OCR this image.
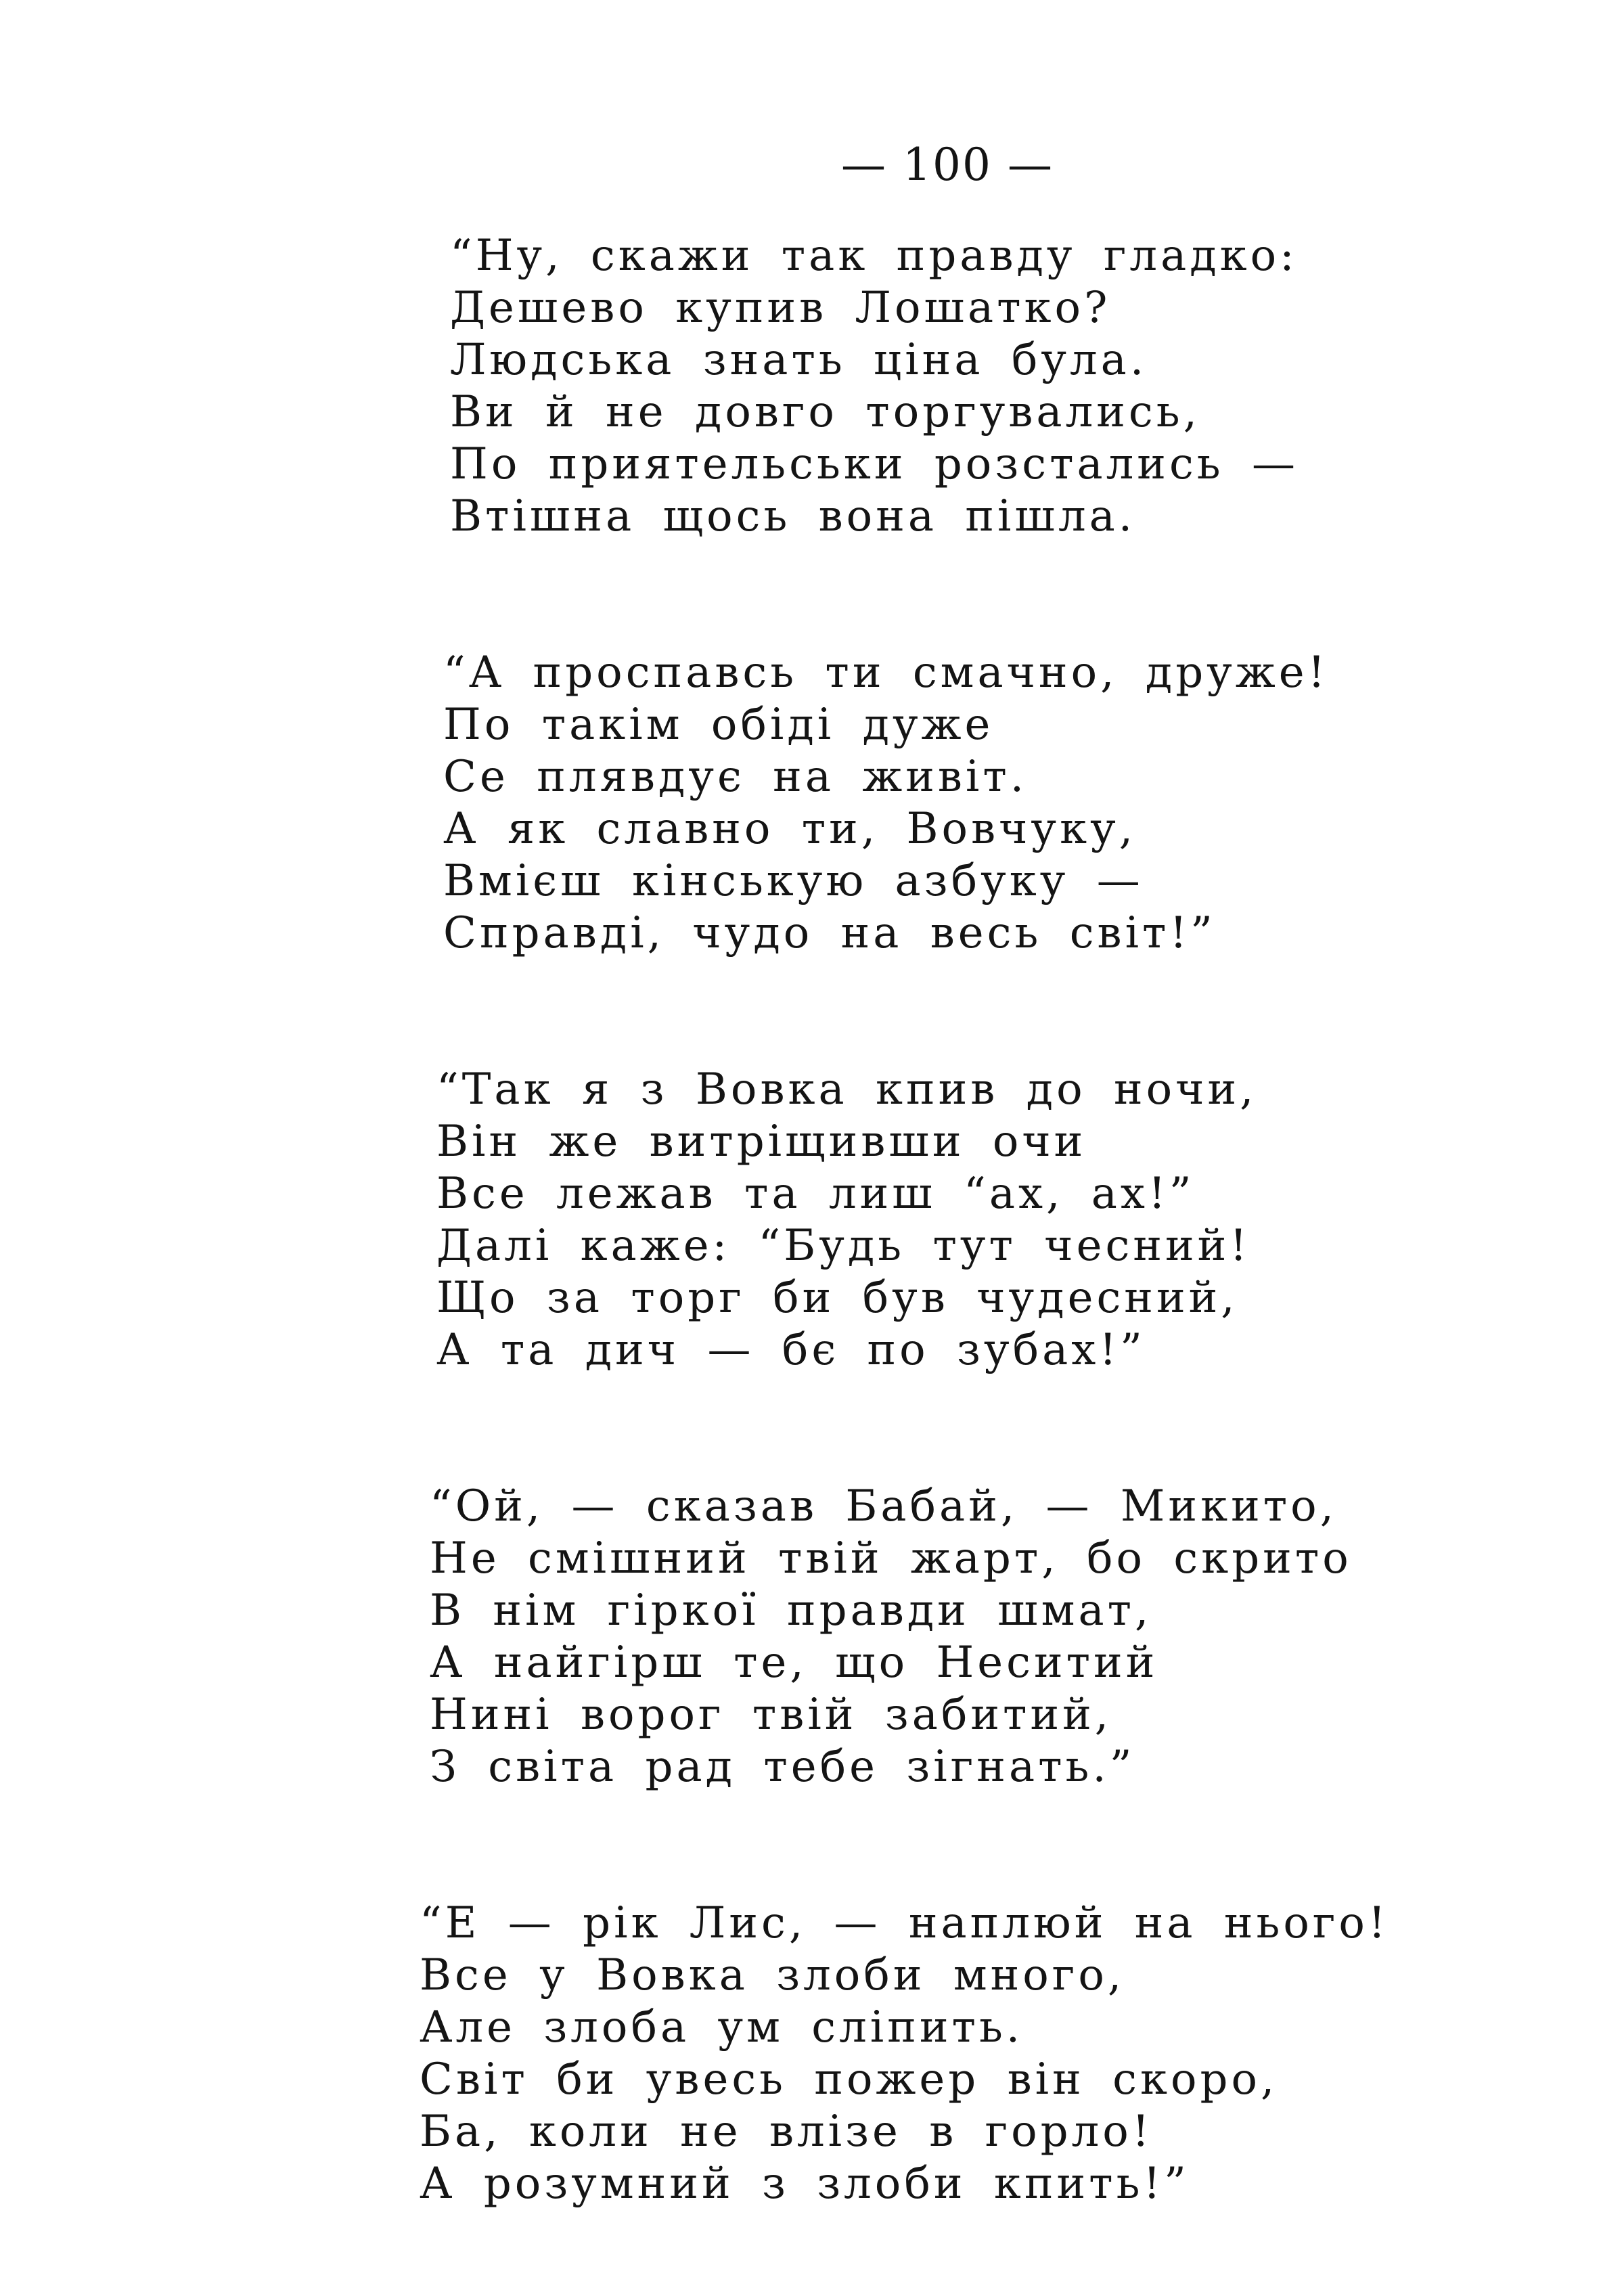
— 100 —
“Ну, скажи так правду гладко:
Дешево купив Лошатко?
Людська знать ціна була.
Ви й не довго торгувались,
По приятельськи розстались —
Втішна щось вона пішла.
“А проспавсь ти смачно, друже!
По такім обіді дуже
Се плявдує на живіт.
А як славно ти, Вовчуку,
Вмієш кінськую азбуку —
Справді, чудо на весь світ!”
“Так я з Вовка кпив до ночи,
Він же витріщивши очи
Все лежав та лиш “ах, ах!”
Далі каже: “Будь тут чесний!
Що за торг би був чудесний,
А та дич — бє по зубах!”
“Ой, — сказав Бабай, — Микито,
Не смішний твій жарт, бо скрито
В нім гіркої правди шмат,
А найгірш те, що Неситий
Нині ворог твій забитий,
З світа рад тебе зігнать.”
“Е — рік Лис, — наплюй на нього!
Все у Вовка злоби много,
Але злоба ум сліпить.
Світ би увесь пожер він скоро,
Ба, коли не влізе в горло!
А розумний з злоби кпить!”
